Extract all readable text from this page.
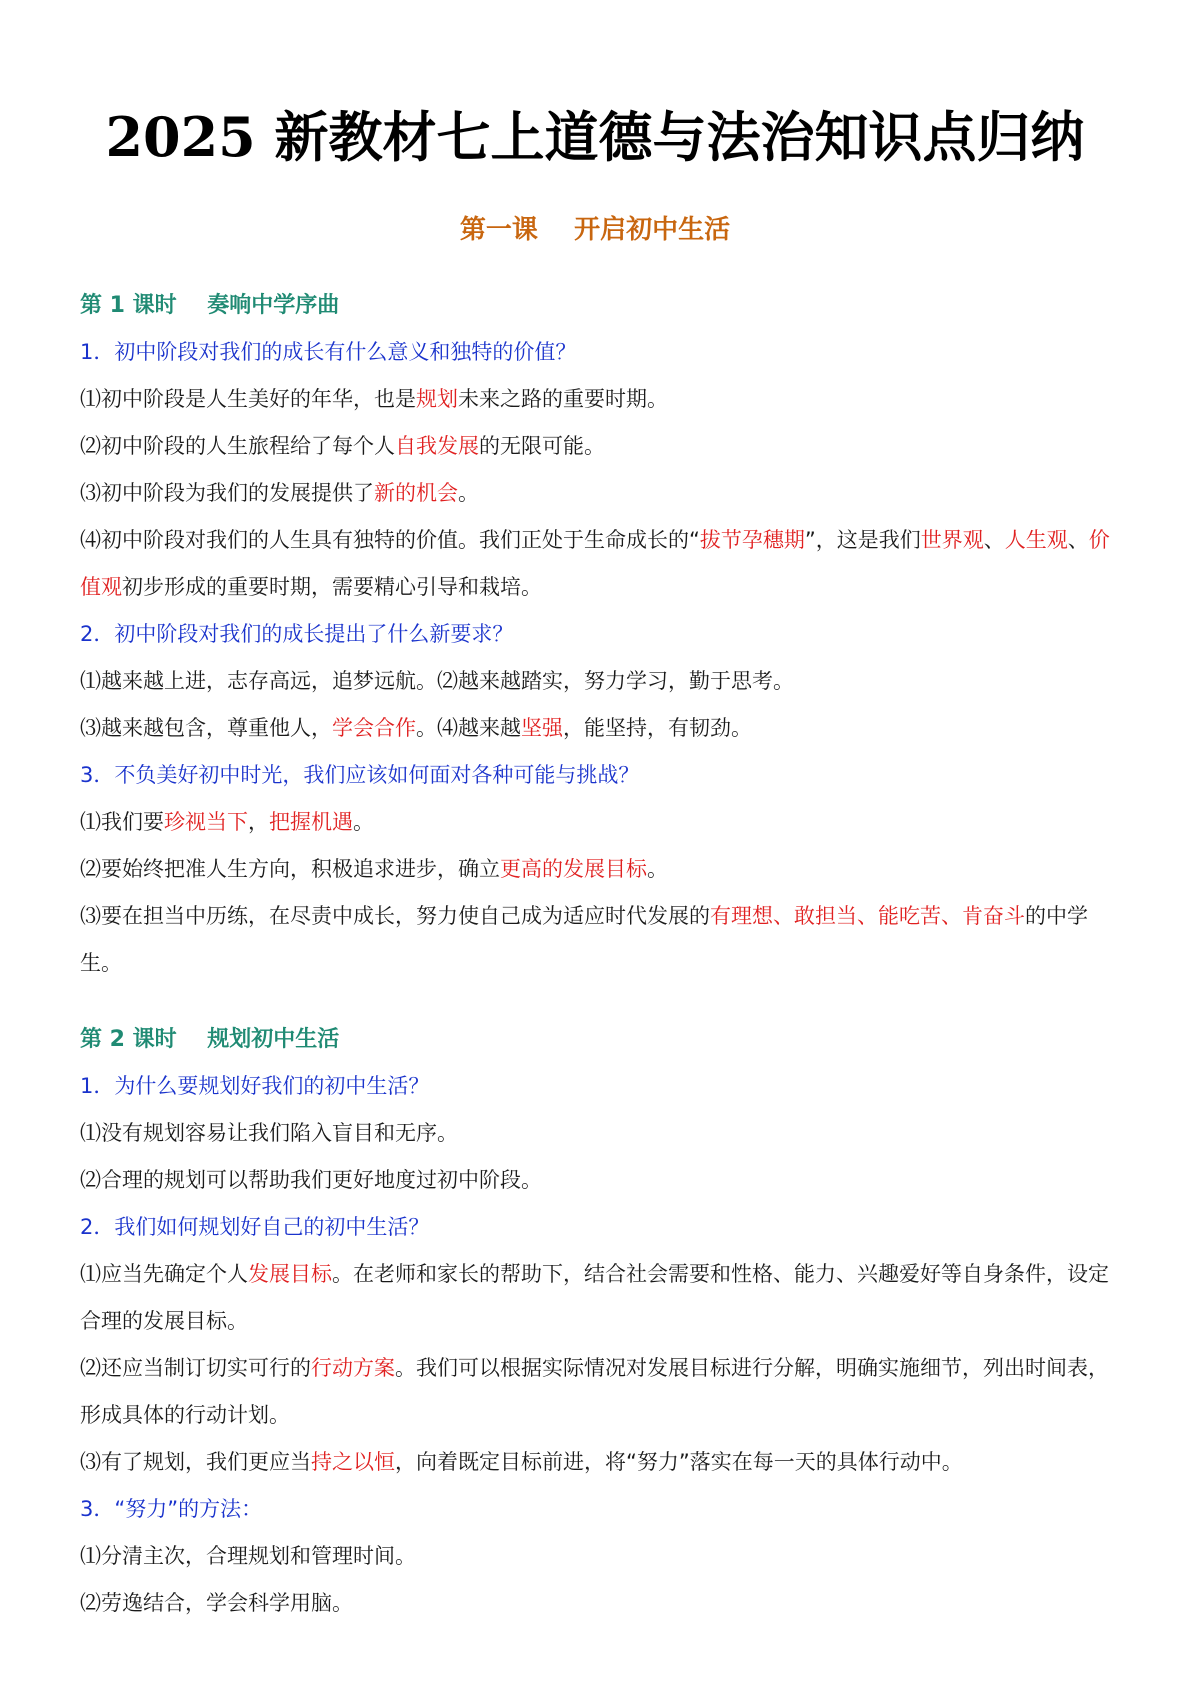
2025 新教材七上道德与法治知识点归纳
第一课    开启初中生活
第 1 课时    奏响中学序曲
1．初中阶段对我们的成长有什么意义和独特的价值？
⑴初中阶段是人生美好的年华，也是规划未来之路的重要时期。
⑵初中阶段的人生旅程给了每个人自我发展的无限可能。
⑶初中阶段为我们的发展提供了新的机会。
⑷初中阶段对我们的人生具有独特的价值。我们正处于生命成长的“拔节孕穗期”，这是我们世界观、人生观、价值观初步形成的重要时期，需要精心引导和栽培。
2．初中阶段对我们的成长提出了什么新要求？
⑴越来越上进，志存高远，追梦远航。⑵越来越踏实，努力学习，勤于思考。
⑶越来越包含，尊重他人，学会合作。⑷越来越坚强，能坚持，有韧劲。
3．不负美好初中时光，我们应该如何面对各种可能与挑战？
⑴我们要珍视当下，把握机遇。
⑵要始终把准人生方向，积极追求进步，确立更高的发展目标。
⑶要在担当中历练，在尽责中成长，努力使自己成为适应时代发展的有理想、敢担当、能吃苦、肯奋斗的中学生。
第 2 课时    规划初中生活
1．为什么要规划好我们的初中生活？
⑴没有规划容易让我们陷入盲目和无序。
⑵合理的规划可以帮助我们更好地度过初中阶段。
2．我们如何规划好自己的初中生活？
⑴应当先确定个人发展目标。在老师和家长的帮助下，结合社会需要和性格、能力、兴趣爱好等自身条件，设定合理的发展目标。
⑵还应当制订切实可行的行动方案。我们可以根据实际情况对发展目标进行分解，明确实施细节，列出时间表，形成具体的行动计划。
⑶有了规划，我们更应当持之以恒，向着既定目标前进，将“努力”落实在每一天的具体行动中。
3．“努力”的方法：
⑴分清主次，合理规划和管理时间。
⑵劳逸结合，学会科学用脑。
